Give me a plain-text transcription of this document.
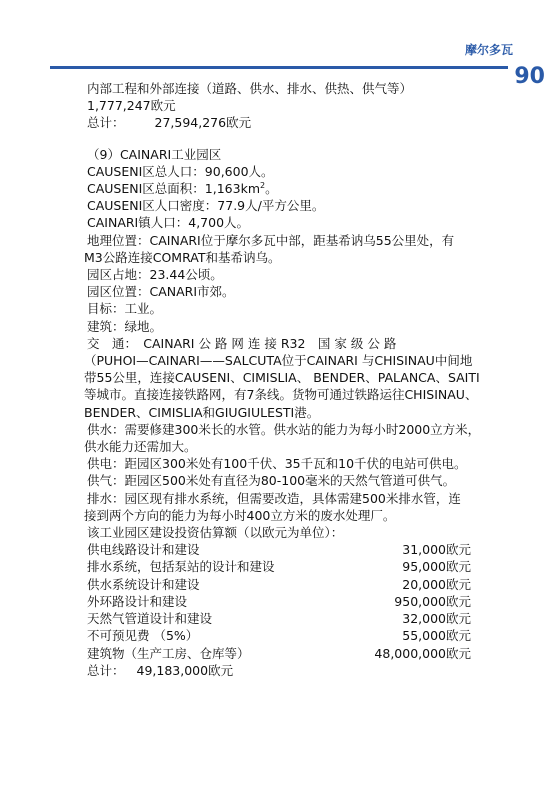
摩尔多瓦
90
内部工程和外部连接（道路、供水、排水、供热、供气等）
1,777,247欧元
总计： 27,594,276欧元
（9）CAINARI工业园区
CAUSENI区总人口：90,600人。
CAUSENI区总面积：$1,163km^2$。
CAUSENI区人口密度：77.9人/平方公里。
CAINARI镇人口：4,700人。
地理位置：CAINARI位于摩尔多瓦中部，距基希讷乌55公里处，有
M3公路连接COMRAT和基希讷乌。
园区占地：23.44公顷。
园区位置：CANARI市郊。
目标：工业。
建筑：绿地。
交　通：　CAINARI 公 路 网 连 接 R32　国 家 级 公 路
（PUHOI—CAINARI——SALCUTA位于CAINARI 与CHISINAU中间地
带55公里，连接CAUSENI、CIMISLIA、 BENDER、PALANCA、SAITI
等城市。直接连接铁路网，有7条线。货物可通过铁路运往CHISINAU、
BENDER、CIMISLIA和GIUGIULESTI港。
供水：需要修建300米长的水管。供水站的能力为每小时2000立方米，
供水能力还需加大。
供电：距园区300米处有100千伏、35千瓦和10千伏的电站可供电。
供气：距园区500米处有直径为80-100毫米的天然气管道可供气。
排水：园区现有排水系统，但需要改造，具体需建500米排水管，连
接到两个方向的能力为每小时400立方米的废水处理厂。
该工业园区建设投资估算额（以欧元为单位）：
供电线路设计和建设	31,000欧元
排水系统，包括泵站的设计和建设	95,000欧元
供水系统设计和建设	20,000欧元
外环路设计和建设	950,000欧元
天然气管道设计和建设	32,000欧元
不可预见费 （5%）	55,000欧元
建筑物（生产工房、仓库等）	48,000,000欧元
总计： 49,183,000欧元
